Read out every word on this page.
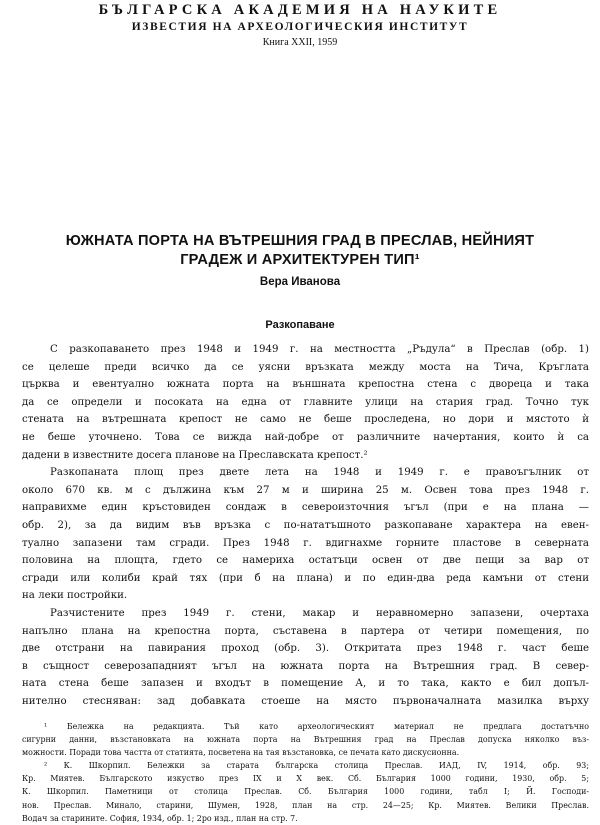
БЪЛГАРСКА АКАДЕМИЯ НА НАУКИТЕ
ИЗВЕСТИЯ НА АРХЕОЛОГИЧЕСКИЯ ИНСТИТУТ
Книга XXII, 1959
ЮЖНАТА ПОРТА НА ВЪТРЕШНИЯ ГРАД В ПРЕСЛАВ, НЕЙНИЯТ
ГРАДЕЖ И АРХИТЕКТУРЕН ТИП¹
Вера Иванова
Разкопаване

С разкопаването през 1948 и 1949 г. на местността „Ръдула“ в Преслав (обр. 1)
се целеше преди всичко да се уясни връзката между моста на Тича, Кръглата
църква и евентуално южната порта на външната крепостна стена с двореца и така
да се определи и посоката на една от главните улици на стария град. Точно тук
стената на вътрешната крепост не само не беше проследена, но дори и мястото ѝ
не беше уточнено. Това се вижда най-добре от различните начертания, които ѝ са
дадени в известните досега планове на Преславската крепост.²

Разкопаната площ през двете лета на 1948 и 1949 г. е правоъгълник от
около 670 кв. м с дължина към 27 м и ширина 25 м. Освен това през 1948 г.
направихме един кръстовиден сондаж в североизточния ъгъл (при е на плана —
обр. 2), за да видим във връзка с по-нататъшното разкопаване характера на евен-
туално запазени там сгради. През 1948 г. вдигнахме горните пластове в северната
половина на площта, гдето се намериха остатъци освен от две пещи за вар от
сгради или колиби край тях (при б на плана) и по един-два реда камъни от стени
на леки постройки.

Разчистените през 1949 г. стени, макар и неравномерно запазени, очертаха
напълно плана на крепостна порта, съставена в партера от четири помещения, по
две отстрани на павирания проход (обр. 3). Откритата през 1948 г. част беше
в същност северозападният ъгъл на южната порта на Вътрешния град. В север-
ната стена беше запазен и входът в помещение А, и то така, както е бил допъл-
нително стесняван: зад добавката стоеше на място първоначалната мазилка върху

¹ Бележка на редакцията. Тъй като археологическият материал не предлага достатъчно
сигурни данни, възстановката на южната порта на Вътрешния град на Преслав допуска няколко въз-
можности. Поради това частта от статията, посветена на тая възстановка, се печата като дискусионна.
² К. Шкорпил. Бележки за старата българска столица Преслав. ИАД, IV, 1914, обр. 93;
Кр. Миятев. Българското изкуство през IX и X век. Сб. България 1000 години, 1930, обр. 5;
К. Шкорпил. Паметници от столица Преслав. Сб. България 1000 години, табл I; Й. Господи-
нов. Преслав. Минало, старини, Шумен, 1928, план на стр. 24—25; Кр. Миятев. Велики Преслав.
Водач за старините. София, 1934, обр. 1; 2ро изд., план на стр. 7.
